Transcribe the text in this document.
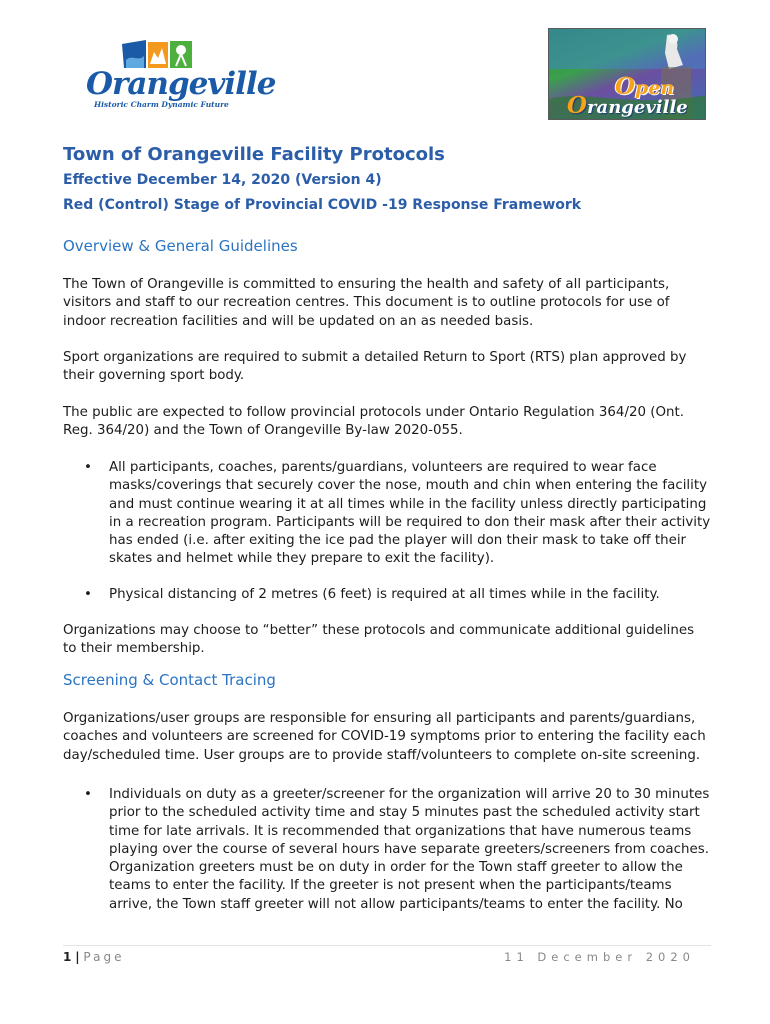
Orangeville
Historic Charm Dynamic Future
Open
Orangeville
Town of Orangeville Facility Protocols
Effective December 14, 2020 (Version 4)
Red (Control) Stage of Provincial COVID -19 Response Framework
Overview & General Guidelines
The Town of Orangeville is committed to ensuring the health and safety of all participants, visitors and staff to our recreation centres. This document is to outline protocols for use of indoor recreation facilities and will be updated on an as needed basis.
Sport organizations are required to submit a detailed Return to Sport (RTS) plan approved by their governing sport body.
The public are expected to follow provincial protocols under Ontario Regulation 364/20 (Ont. Reg. 364/20) and the Town of Orangeville By-law 2020-055.
• All participants, coaches, parents/guardians, volunteers are required to wear face masks/coverings that securely cover the nose, mouth and chin when entering the facility and must continue wearing it at all times while in the facility unless directly participating in a recreation program. Participants will be required to don their mask after their activity has ended (i.e. after exiting the ice pad the player will don their mask to take off their skates and helmet while they prepare to exit the facility).
• Physical distancing of 2 metres (6 feet) is required at all times while in the facility.
Organizations may choose to “better” these protocols and communicate additional guidelines to their membership.
Screening & Contact Tracing
Organizations/user groups are responsible for ensuring all participants and parents/guardians, coaches and volunteers are screened for COVID-19 symptoms prior to entering the facility each day/scheduled time. User groups are to provide staff/volunteers to complete on-site screening.
• Individuals on duty as a greeter/screener for the organization will arrive 20 to 30 minutes prior to the scheduled activity time and stay 5 minutes past the scheduled activity start time for late arrivals. It is recommended that organizations that have numerous teams playing over the course of several hours have separate greeters/screeners from coaches. Organization greeters must be on duty in order for the Town staff greeter to allow the teams to enter the facility. If the greeter is not present when the participants/teams arrive, the Town staff greeter will not allow participants/teams to enter the facility. No
1 | Page	11 December 2020
